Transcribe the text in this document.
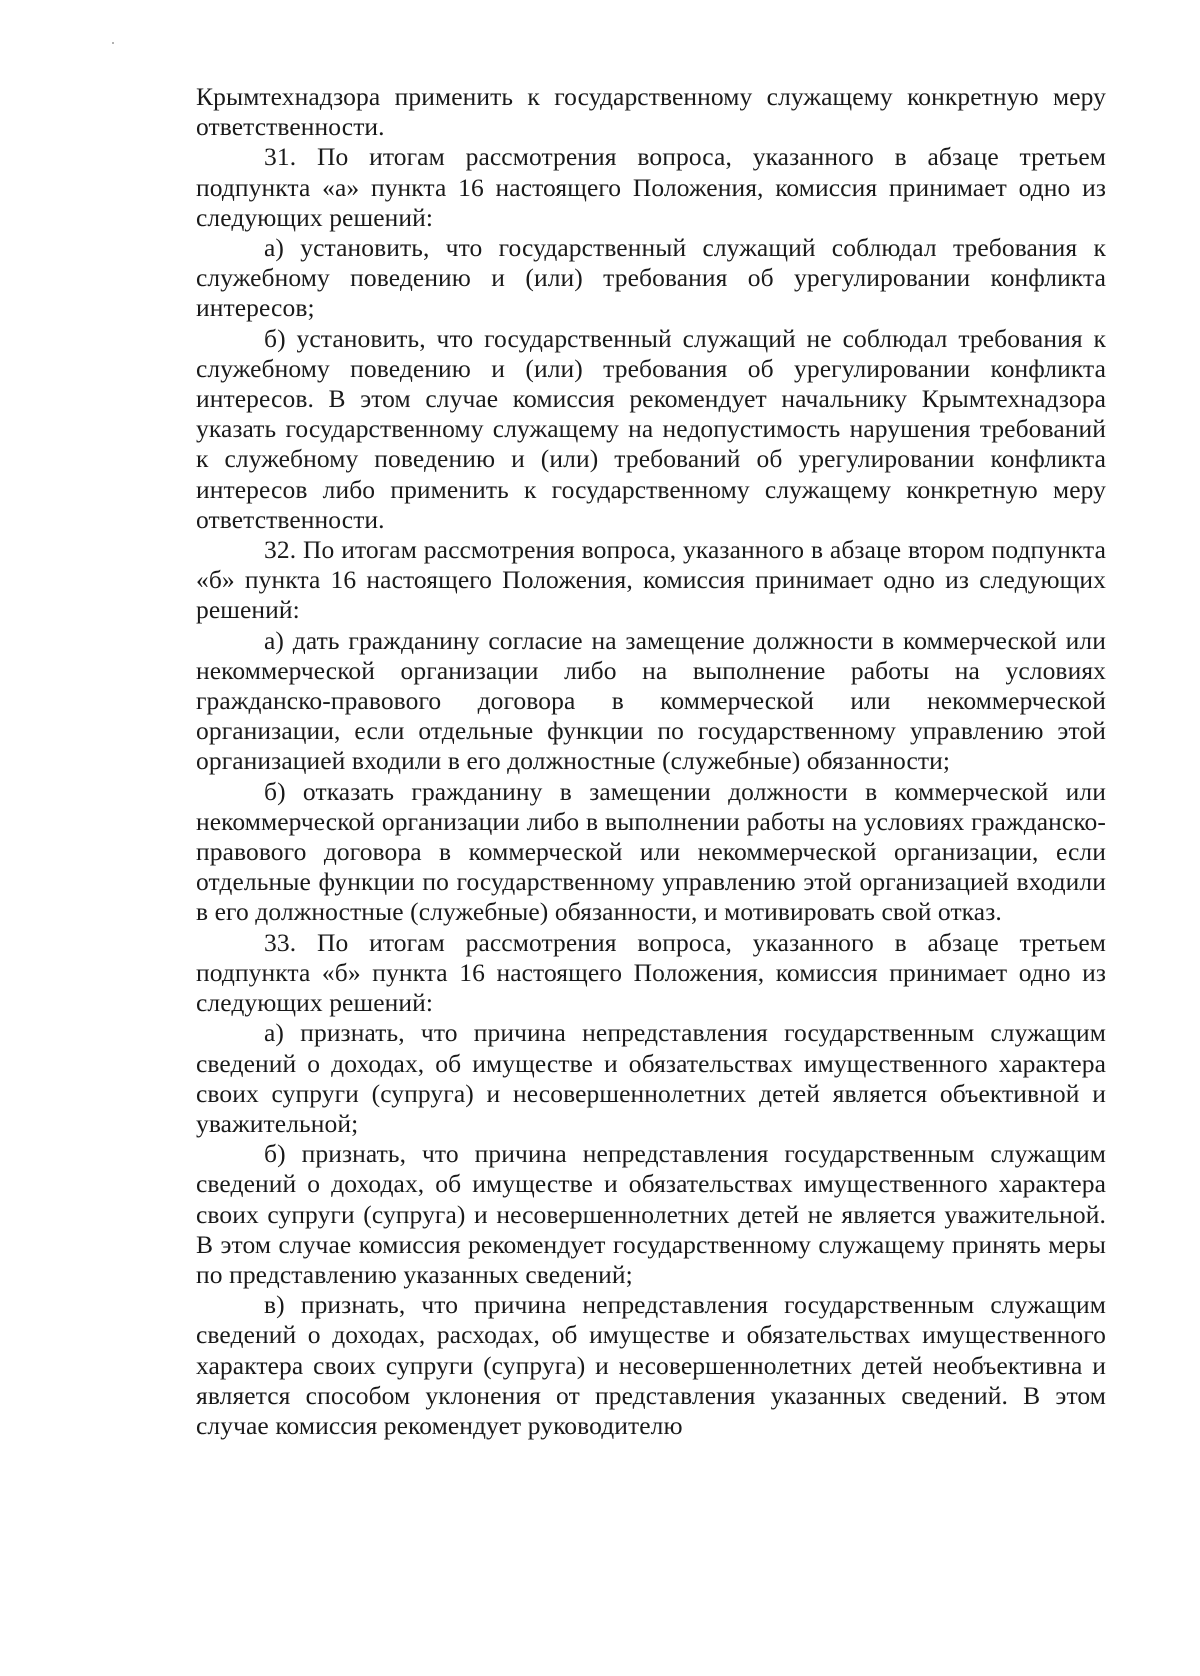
Крымтехнадзора применить к государственному служащему конкретную меру ответственности.

31. По итогам рассмотрения вопроса, указанного в абзаце третьем подпункта «а» пункта 16 настоящего Положения, комиссия принимает одно из следующих решений:

а) установить, что государственный служащий соблюдал требования к служебному поведению и (или) требования об урегулировании конфликта интересов;

б) установить, что государственный служащий не соблюдал требования к служебному поведению и (или) требования об урегулировании конфликта интересов. В этом случае комиссия рекомендует начальнику Крымтехнадзора указать государственному служащему на недопустимость нарушения требований к служебному поведению и (или) требований об урегулировании конфликта интересов либо применить к государственному служащему конкретную меру ответственности.

32. По итогам рассмотрения вопроса, указанного в абзаце втором подпункта «б» пункта 16 настоящего Положения, комиссия принимает одно из следующих решений:

а) дать гражданину согласие на замещение должности в коммерческой или некоммерческой организации либо на выполнение работы на условиях гражданско-правового договора в коммерческой или некоммерческой организации, если отдельные функции по государственному управлению этой организацией входили в его должностные (служебные) обязанности;

б) отказать гражданину в замещении должности в коммерческой или некоммерческой организации либо в выполнении работы на условиях гражданско-правового договора в коммерческой или некоммерческой организации, если отдельные функции по государственному управлению этой организацией входили в его должностные (служебные) обязанности, и мотивировать свой отказ.

33. По итогам рассмотрения вопроса, указанного в абзаце третьем подпункта «б» пункта 16 настоящего Положения, комиссия принимает одно из следующих решений:

а) признать, что причина непредставления государственным служащим сведений о доходах, об имуществе и обязательствах имущественного характера своих супруги (супруга) и несовершеннолетних детей является объективной и уважительной;

б) признать, что причина непредставления государственным служащим сведений о доходах, об имуществе и обязательствах имущественного характера своих супруги (супруга) и несовершеннолетних детей не является уважительной. В этом случае комиссия рекомендует государственному служащему принять меры по представлению указанных сведений;

в) признать, что причина непредставления государственным служащим сведений о доходах, расходах, об имуществе и обязательствах имущественного характера своих супруги (супруга) и несовершеннолетних детей необъективна и является способом уклонения от представления указанных сведений. В этом случае комиссия рекомендует руководителю
